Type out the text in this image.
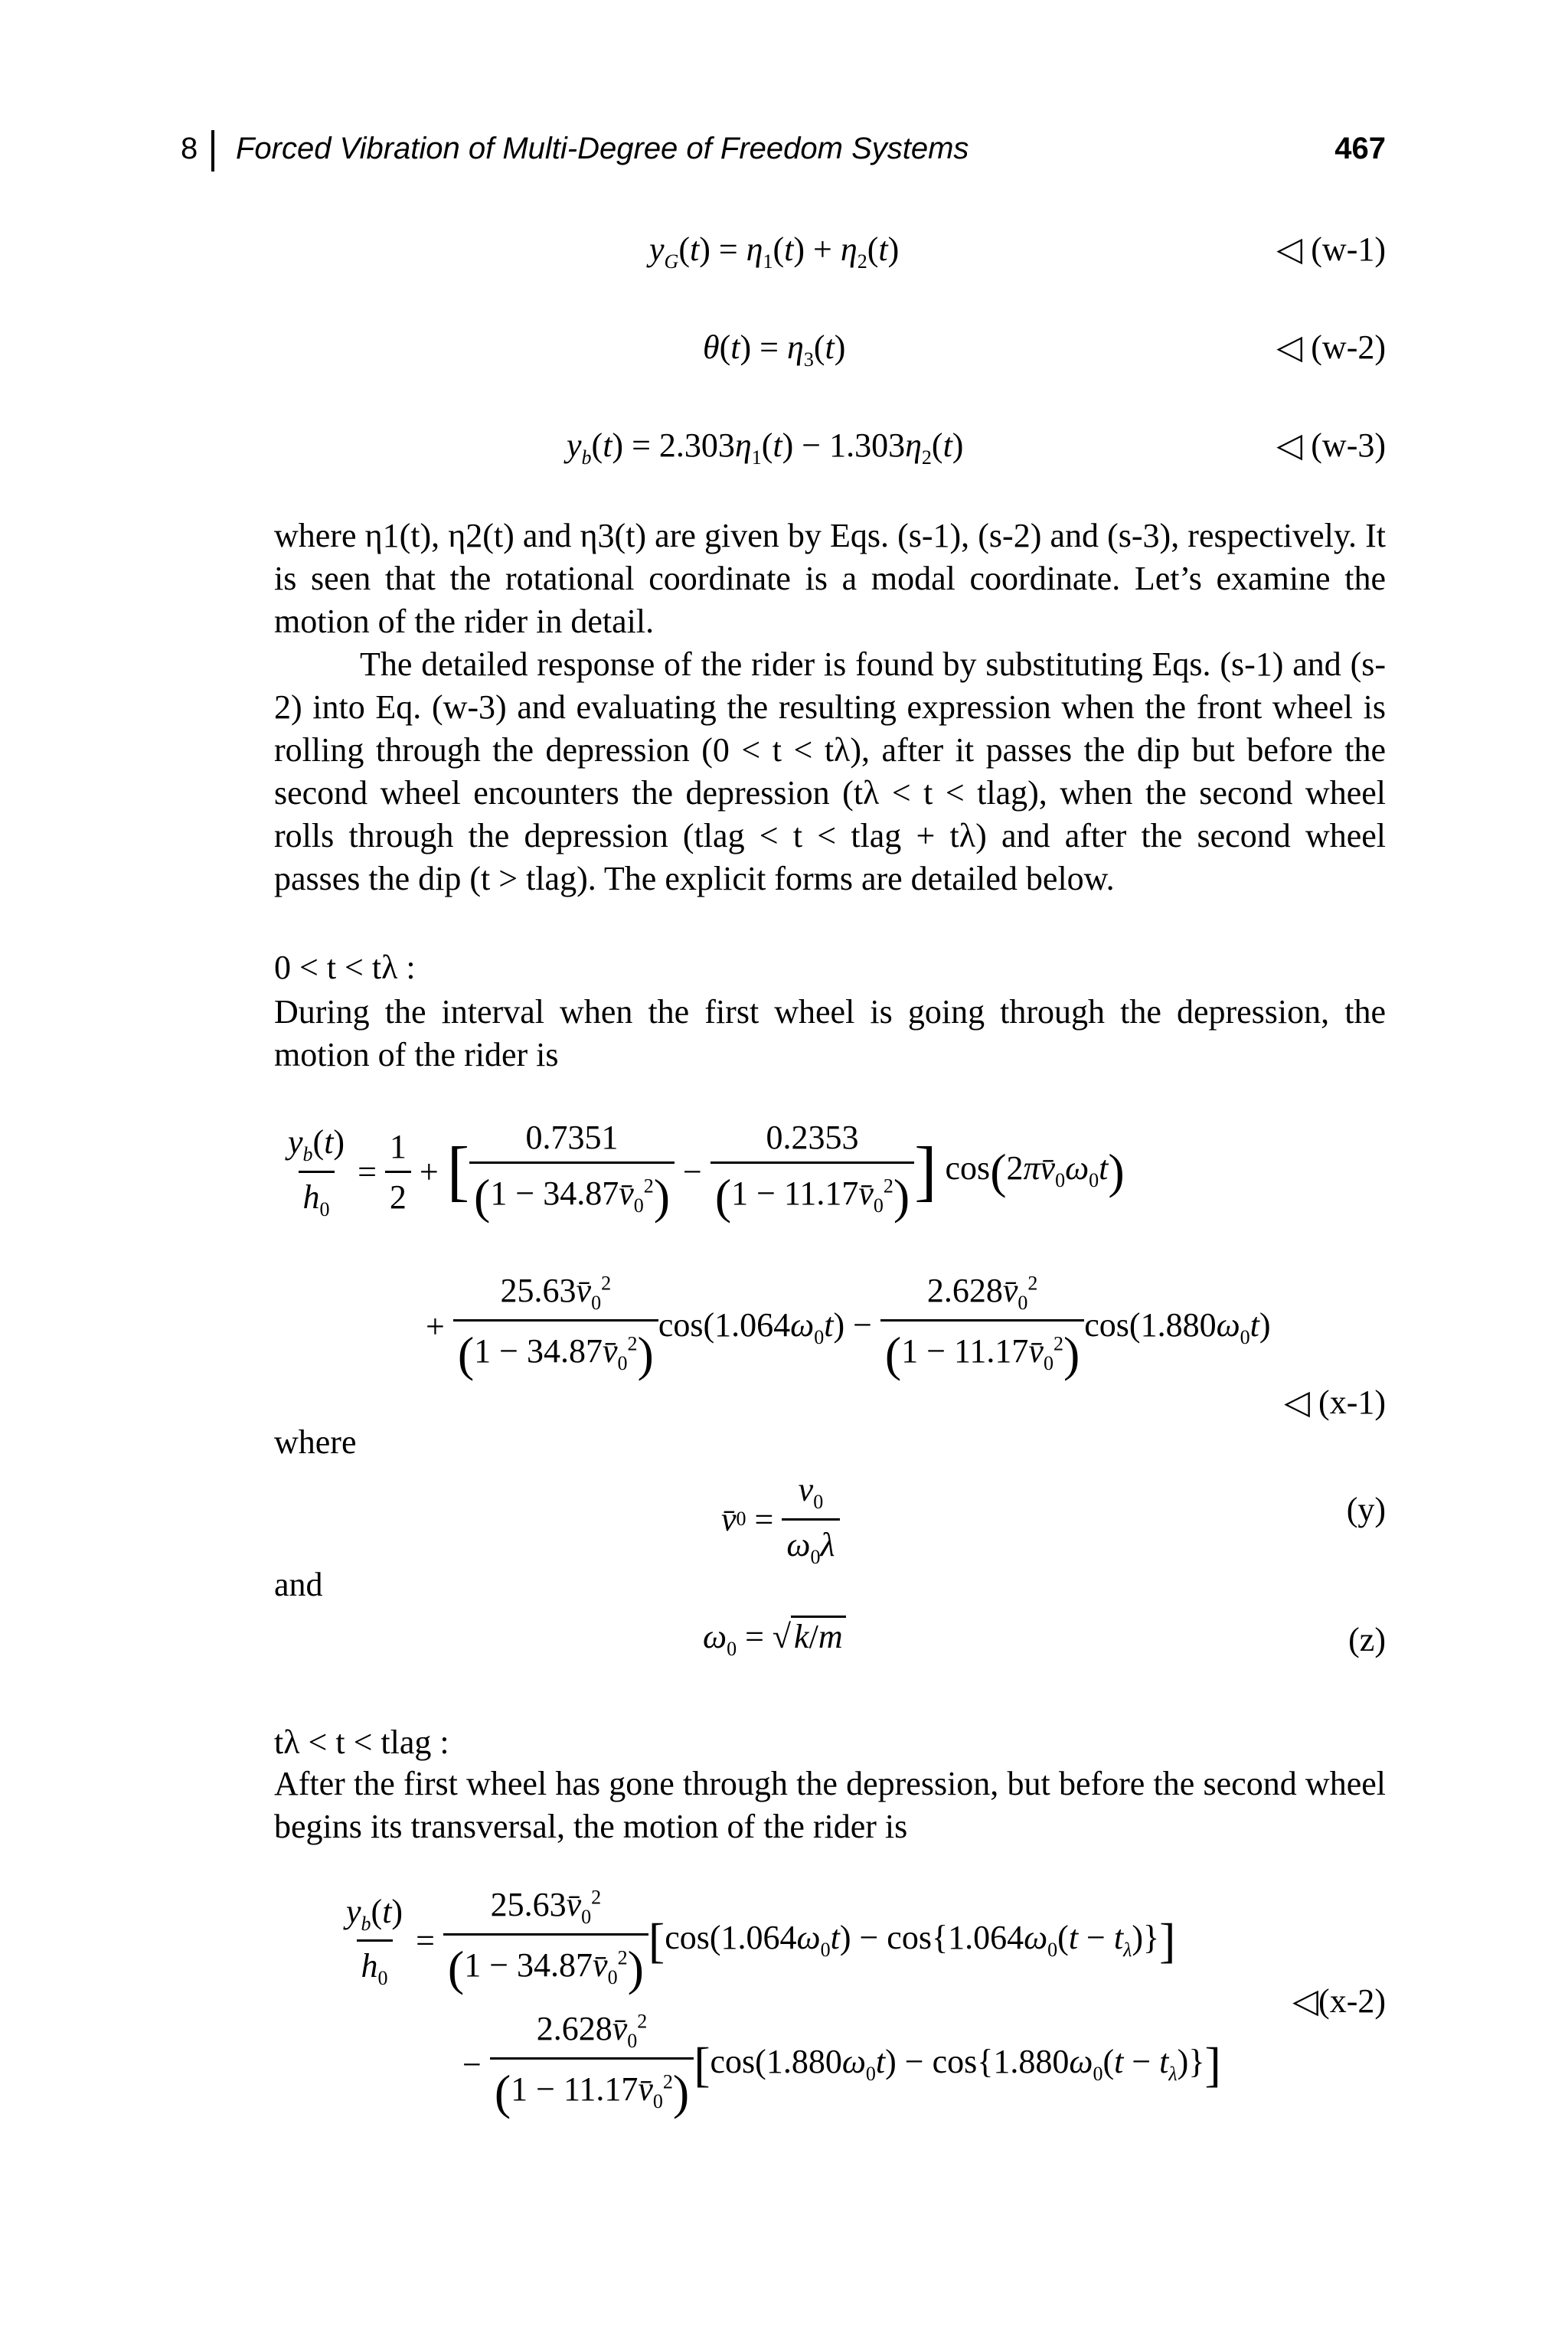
8 Forced Vibration of Multi-Degree of Freedom Systems	467
$y_G(t) = \eta_1(t) + \eta_2(t)$	◁ (w-1)
$\theta(t) = \eta_3(t)$	◁ (w-2)
$y_b(t) = 2.303\eta_1(t) - 1.303\eta_2(t)$	◁ (w-3)

where η1(t), η2(t) and η3(t) are given by Eqs. (s-1), (s-2) and (s-3), respectively. It is seen that the rotational coordinate is a modal coordinate. Let’s examine the motion of the rider in detail.

The detailed response of the rider is found by substituting Eqs. (s-1) and (s-2) into Eq. (w-3) and evaluating the resulting expression when the front wheel is rolling through the depression (0 < t < tλ), after it passes the dip but before the second wheel encounters the depression (tλ < t < tlag), when the second wheel rolls through the depression (tlag < t < tlag + tλ) and after the second wheel passes the dip (t > tlag). The explicit forms are detailed below.

0 < t < tλ :
During the interval when the first wheel is going through the depression, the motion of the rider is
$\frac{y_b(t)}{h_0} = \frac{1}{2}$ + [ $\frac{0.7351}{(1 - 34.87v̄_0^2)} - \frac{0.2353}{(1 - 11.17v̄_0^2)}$ ] $\cos(2\pi v̄_0\omega_0t)$
+ $\frac{25.63v̄_0^2}{(1 - 34.87v̄_0^2)} \cos(1.064\omega_0t) - \frac{2.628v̄_0^2}{(1 - 11.17v̄_0^2)} \cos(1.880\omega_0t)$
◁ (x-1)
where
v̄ $0 = \frac{v_0}{\omega_0\lambda}$	(y)
and
$\omega_0 = √k/m$	(z)
tλ < t < tlag :
After the first wheel has gone through the depression, but before the second wheel begins its transversal, the motion of the rider is
$\frac{y_b(t)}{h_0} = \frac{25.63v̄_0^2}{(1 - 34.87v̄_0^2)} [\cos(1.064\omega_0t) - \cos\{1.064\omega_0(t - t_\lambda)\}]$
− $\frac{2.628v̄_0^2}{(1 - 11.17v̄_0^2)} [\cos(1.880\omega_0t) - \cos\{1.880\omega_0(t - t_\lambda)\}]$
◁(x-2)
